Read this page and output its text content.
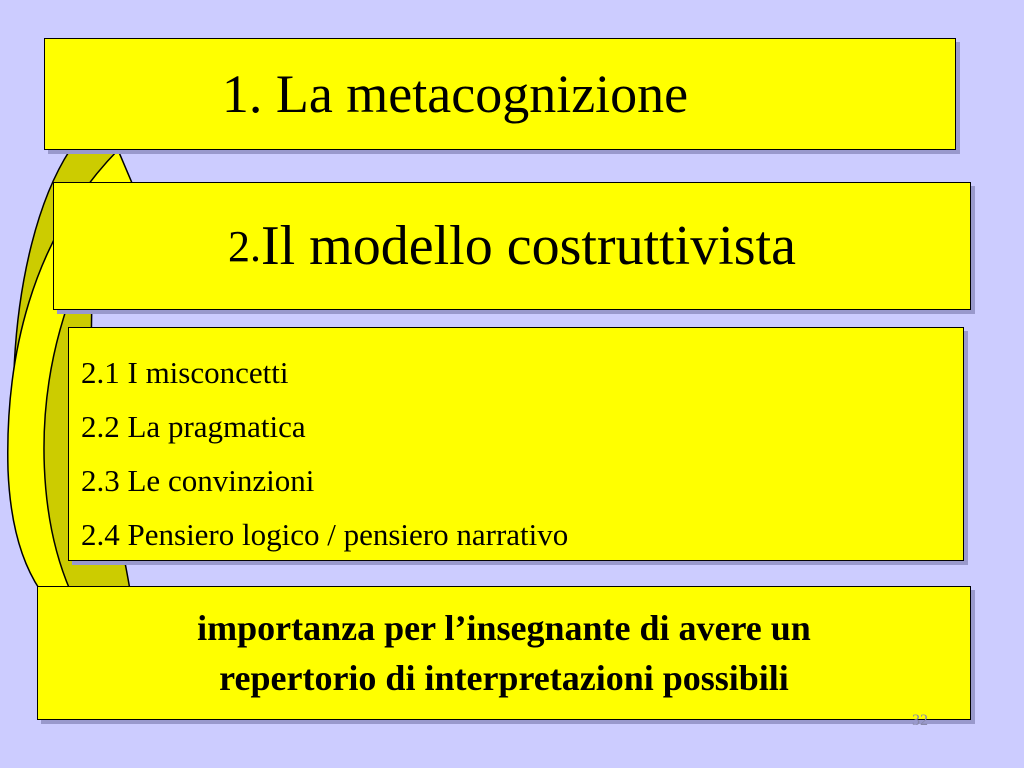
1. La metacognizione
2. Il modello costruttivista
2.1 I misconcetti
2.2 La pragmatica
2.3 Le convinzioni
2.4 Pensiero logico / pensiero narrativo
importanza per l’insegnante di avere un
repertorio di interpretazioni possibili
32
